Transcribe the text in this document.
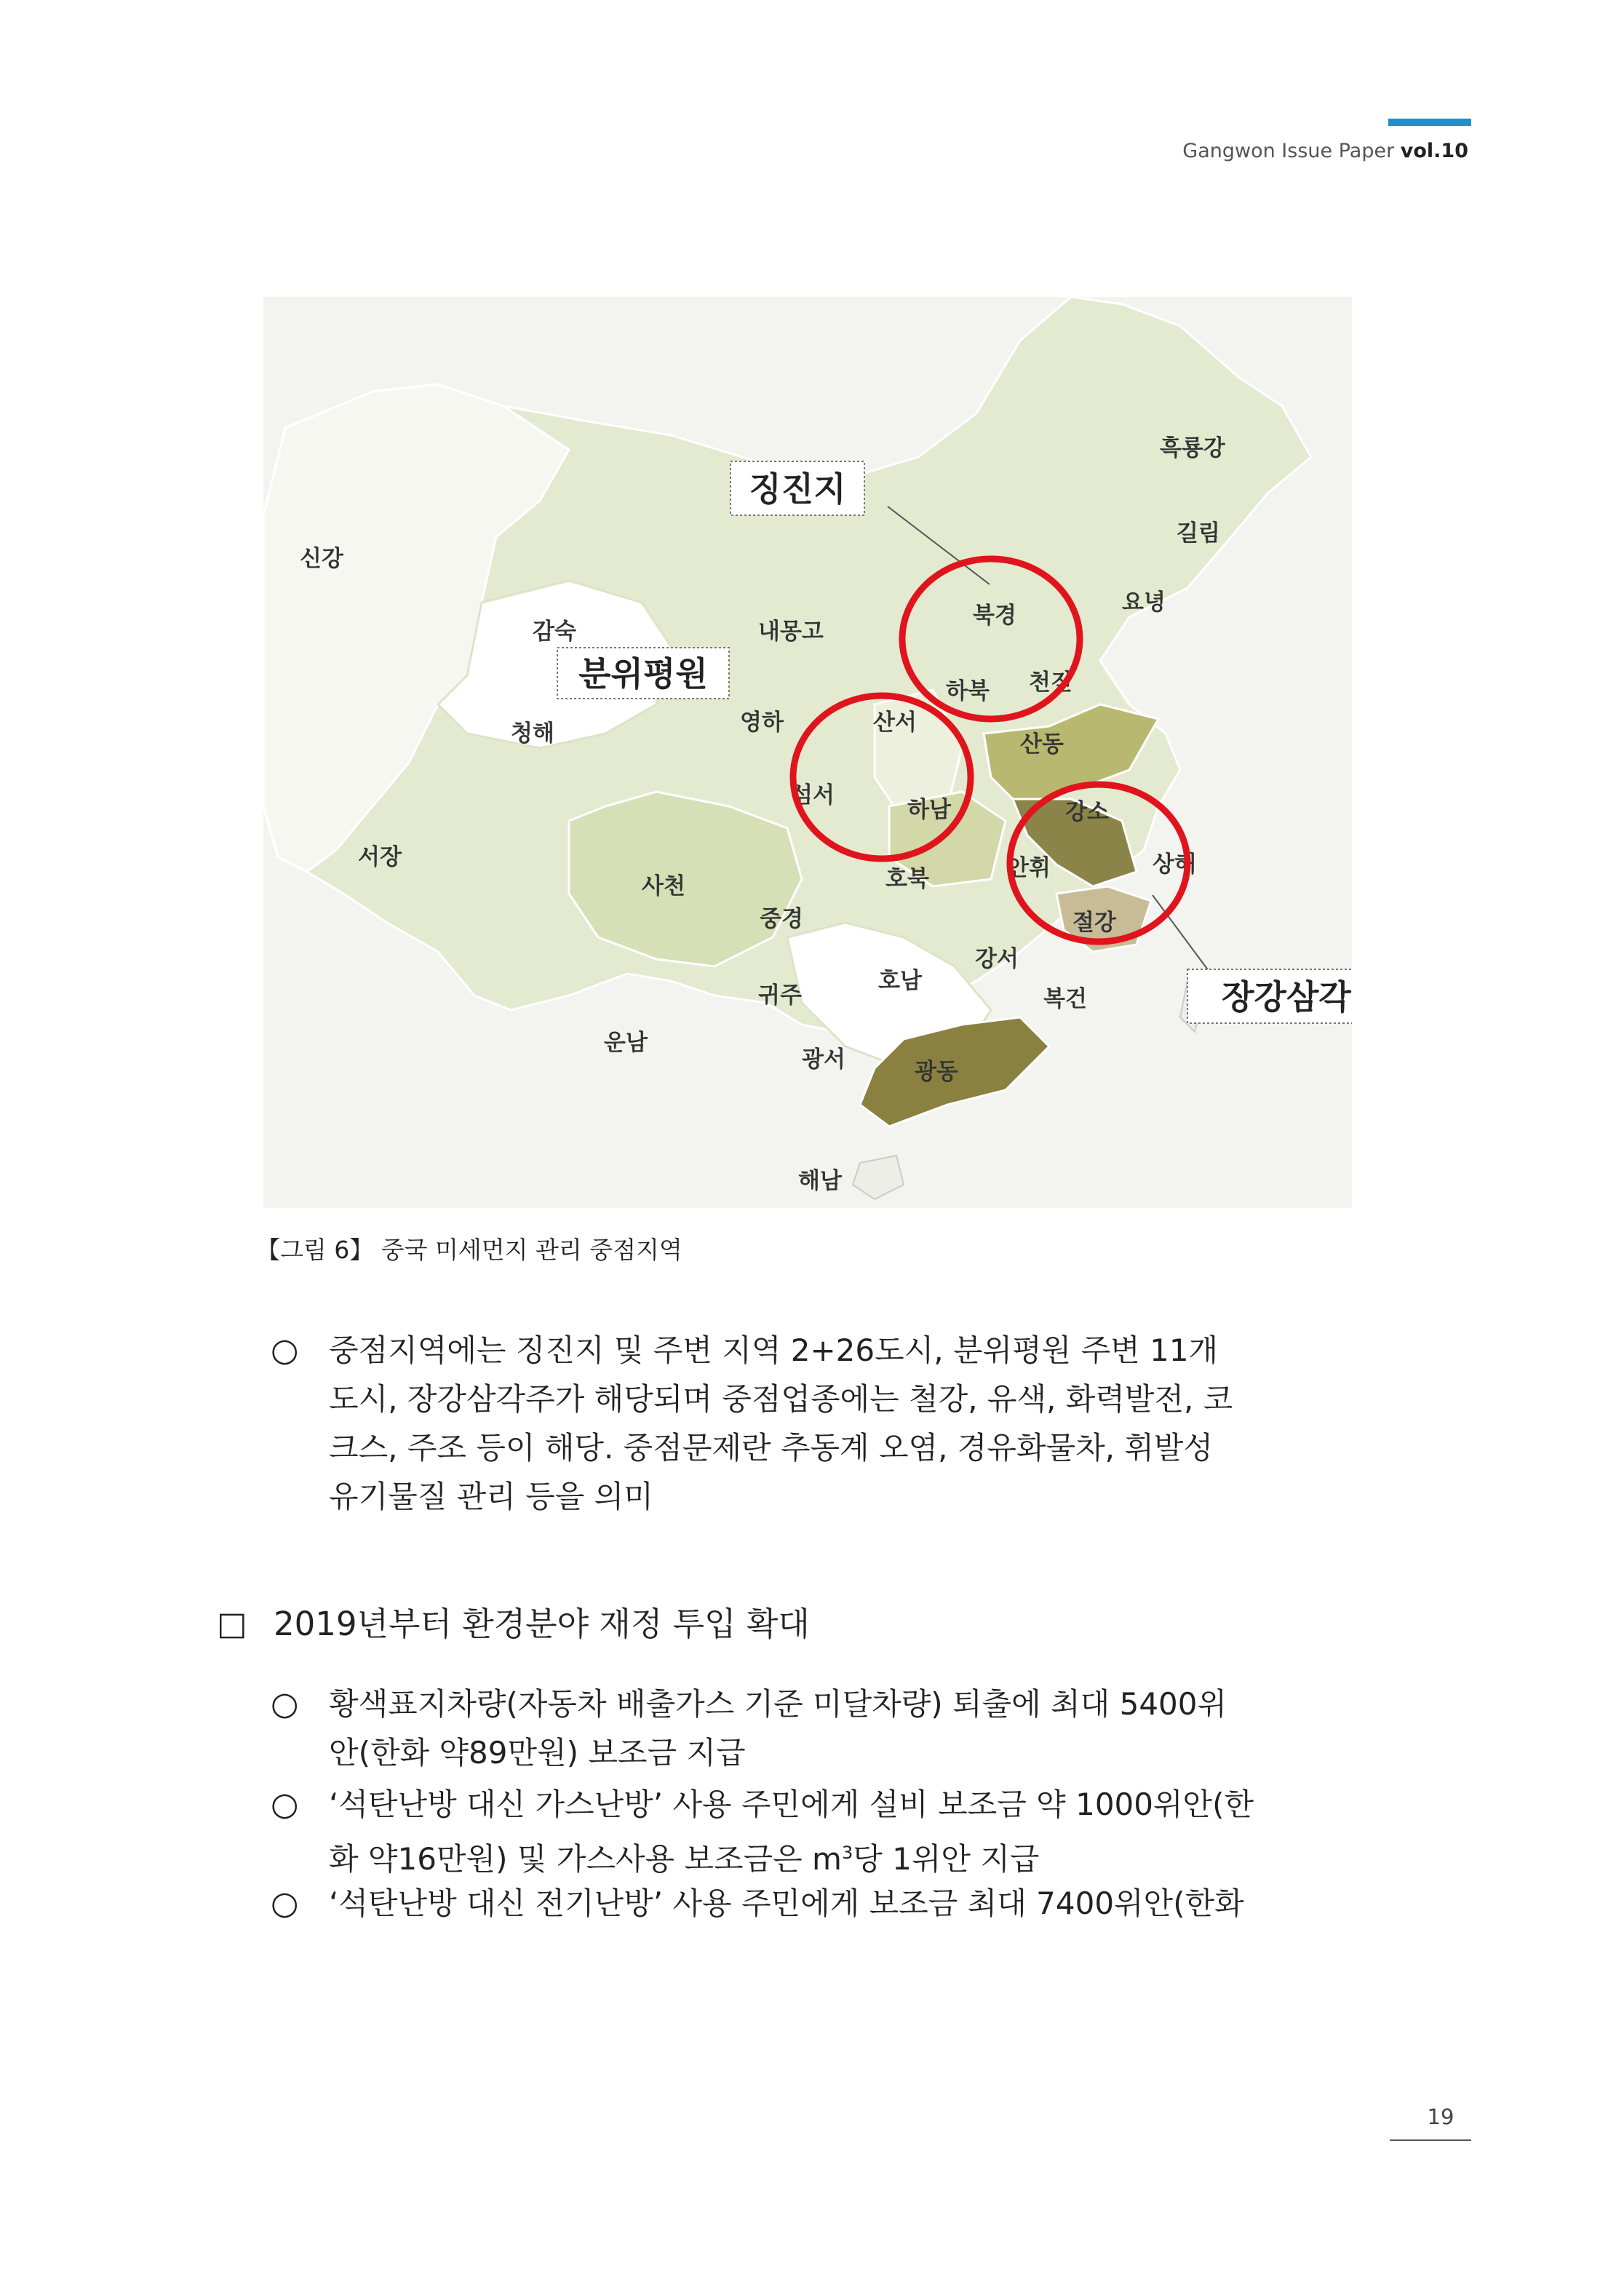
Gangwon Issue Paper vol.10
신강
감숙	내몽고
청해	영하
서장
사천
섬서
산서
하남
하북
북경
천진
산동
강소
상해
안휘
절강
호북
중경
귀주
운남
광서
호남
강서
복건
광동
해남
흑룡강
길림
요녕
징진지
분위평원
장강삼각
【그림 6】 중국 미세먼지 관리 중점지역
○ 중점지역에는 징진지 및 주변 지역 2+26도시, 분위평원 주변 11개
도시, 장강삼각주가 해당되며 중점업종에는 철강, 유색, 화력발전, 코
크스, 주조 등이 해당. 중점문제란 추동계 오염, 경유화물차, 휘발성
유기물질 관리 등을 의미
□ 2019년부터 환경분야 재정 투입 확대
○ 황색표지차량(자동차 배출가스 기준 미달차량) 퇴출에 최대 5400위
안(한화 약89만원) 보조금 지급
○ ‘석탄난방 대신 가스난방’ 사용 주민에게 설비 보조금 약 1000위안(한
화 약16만원) 및 가스사용 보조금은 $m^3$당 1위안 지급
○ ‘석탄난방 대신 전기난방’ 사용 주민에게 보조금 최대 7400위안(한화
19
